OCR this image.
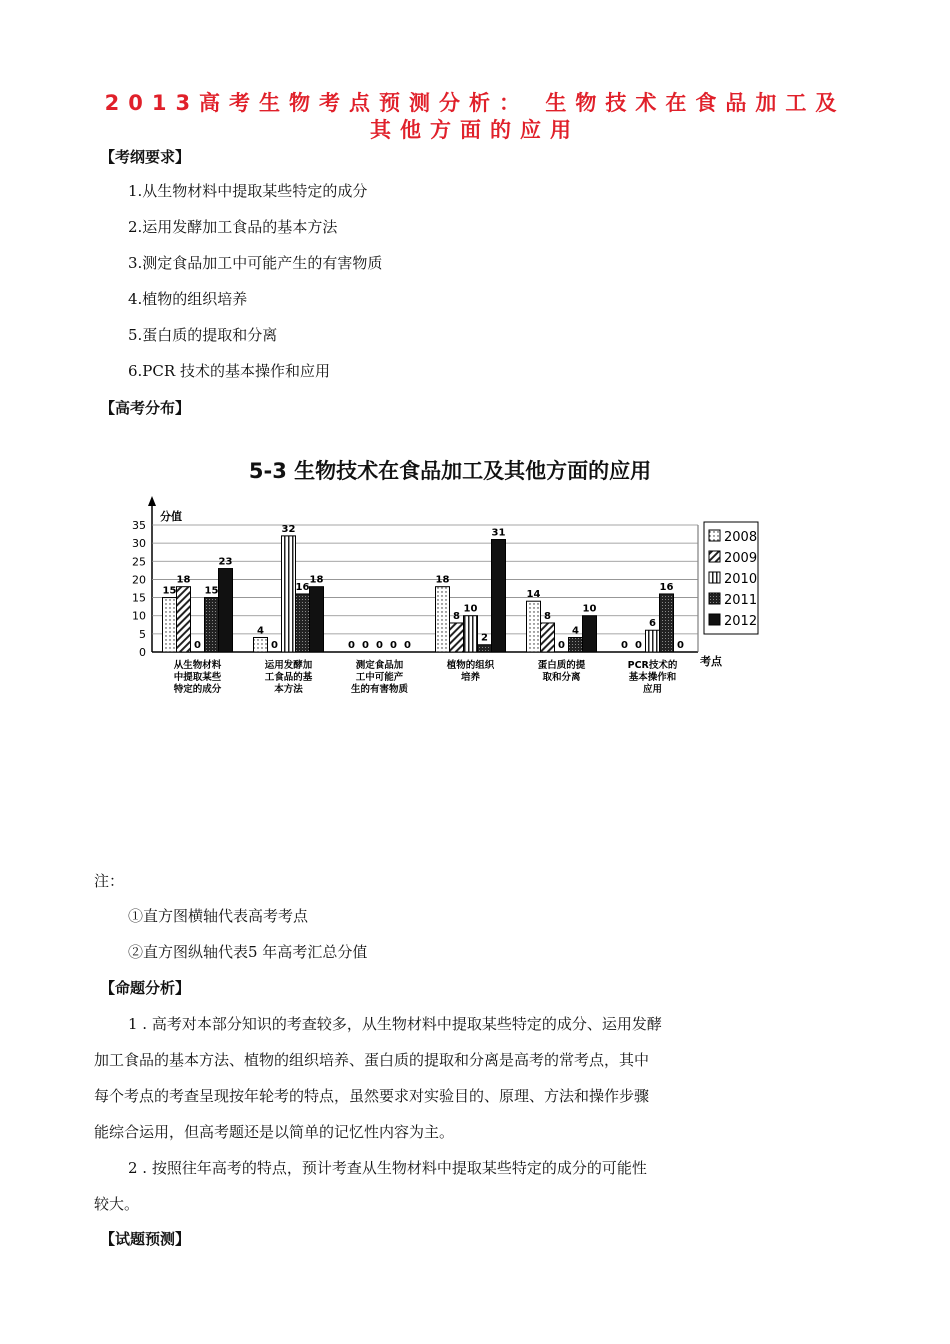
2013高考生物考点预测分析： 生物技术在食品加工及
其他方面的应用
【考纲要求】
1.从生物材料中提取某些特定的成分
2.运用发酵加工食品的基本方法
3.测定食品加工中可能产生的有害物质
4.植物的组织培养
5.蛋白质的提取和分离
6.PCR 技术的基本操作和应用
【高考分布】
5-3 生物技术在食品加工及其他方面的应用
0
5
10
15
20
25
30
35
分值
考点
15
18
0
15
23
从生物材料
中提取某些
特定的成分
4
0
32
16
18
运用发酵加
工食品的基
本方法
0 0 0 0 0
测定食品加
工中可能产
生的有害物质
18
8
10
2
31
植物的组织
培养
14
8
0
4
10
蛋白质的提
取和分离
0 0
6
16
0
PCR技术的
基本操作和
应用
2008
2009
2010
2011
2012
注：
①直方图横轴代表高考考点
②直方图纵轴代表5 年高考汇总分值
【命题分析】
1 . 高考对本部分知识的考查较多，从生物材料中提取某些特定的成分、运用发酵
加工食品的基本方法、植物的组织培养、蛋白质的提取和分离是高考的常考点，其中
每个考点的考查呈现按年轮考的特点，虽然要求对实验目的、原理、方法和操作步骤
能综合运用，但高考题还是以简单的记忆性内容为主。
2 . 按照往年高考的特点，预计考查从生物材料中提取某些特定的成分的可能性
较大。
【试题预测】
